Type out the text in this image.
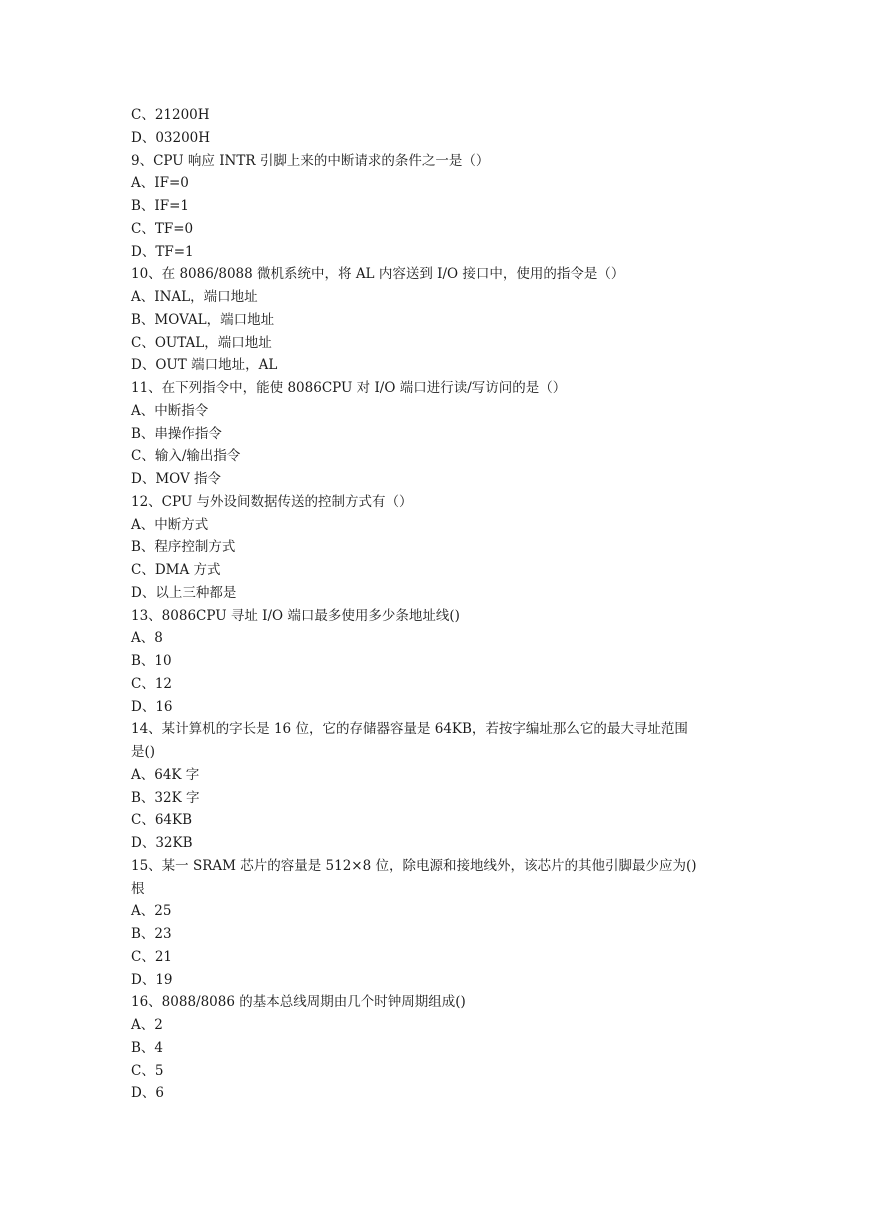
C、21200H
D、03200H
9、CPU 响应 INTR 引脚上来的中断请求的条件之一是（）
A、IF=0
B、IF=1
C、TF=0
D、TF=1
10、在 8086/8088 微机系统中，将 AL 内容送到 I/O 接口中，使用的指令是（）
A、INAL，端口地址
B、MOVAL，端口地址
C、OUTAL，端口地址
D、OUT 端口地址，AL
11、在下列指令中，能使 8086CPU 对 I/O 端口进行读/写访问的是（）
A、中断指令
B、串操作指令
C、输入/输出指令
D、MOV 指令
12、CPU 与外设间数据传送的控制方式有（）
A、中断方式
B、程序控制方式
C、DMA 方式
D、以上三种都是
13、8086CPU 寻址 I/O 端口最多使用多少条地址线()
A、8
B、10
C、12
D、16
14、某计算机的字长是 16 位，它的存储器容量是 64KB，若按字编址那么它的最大寻址范围
是()
A、64K 字
B、32K 字
C、64KB
D、32KB
15、某一 SRAM 芯片的容量是 512×8 位，除电源和接地线外，该芯片的其他引脚最少应为()
根
A、25
B、23
C、21
D、19
16、8088/8086 的基本总线周期由几个时钟周期组成()
A、2
B、4
C、5
D、6
